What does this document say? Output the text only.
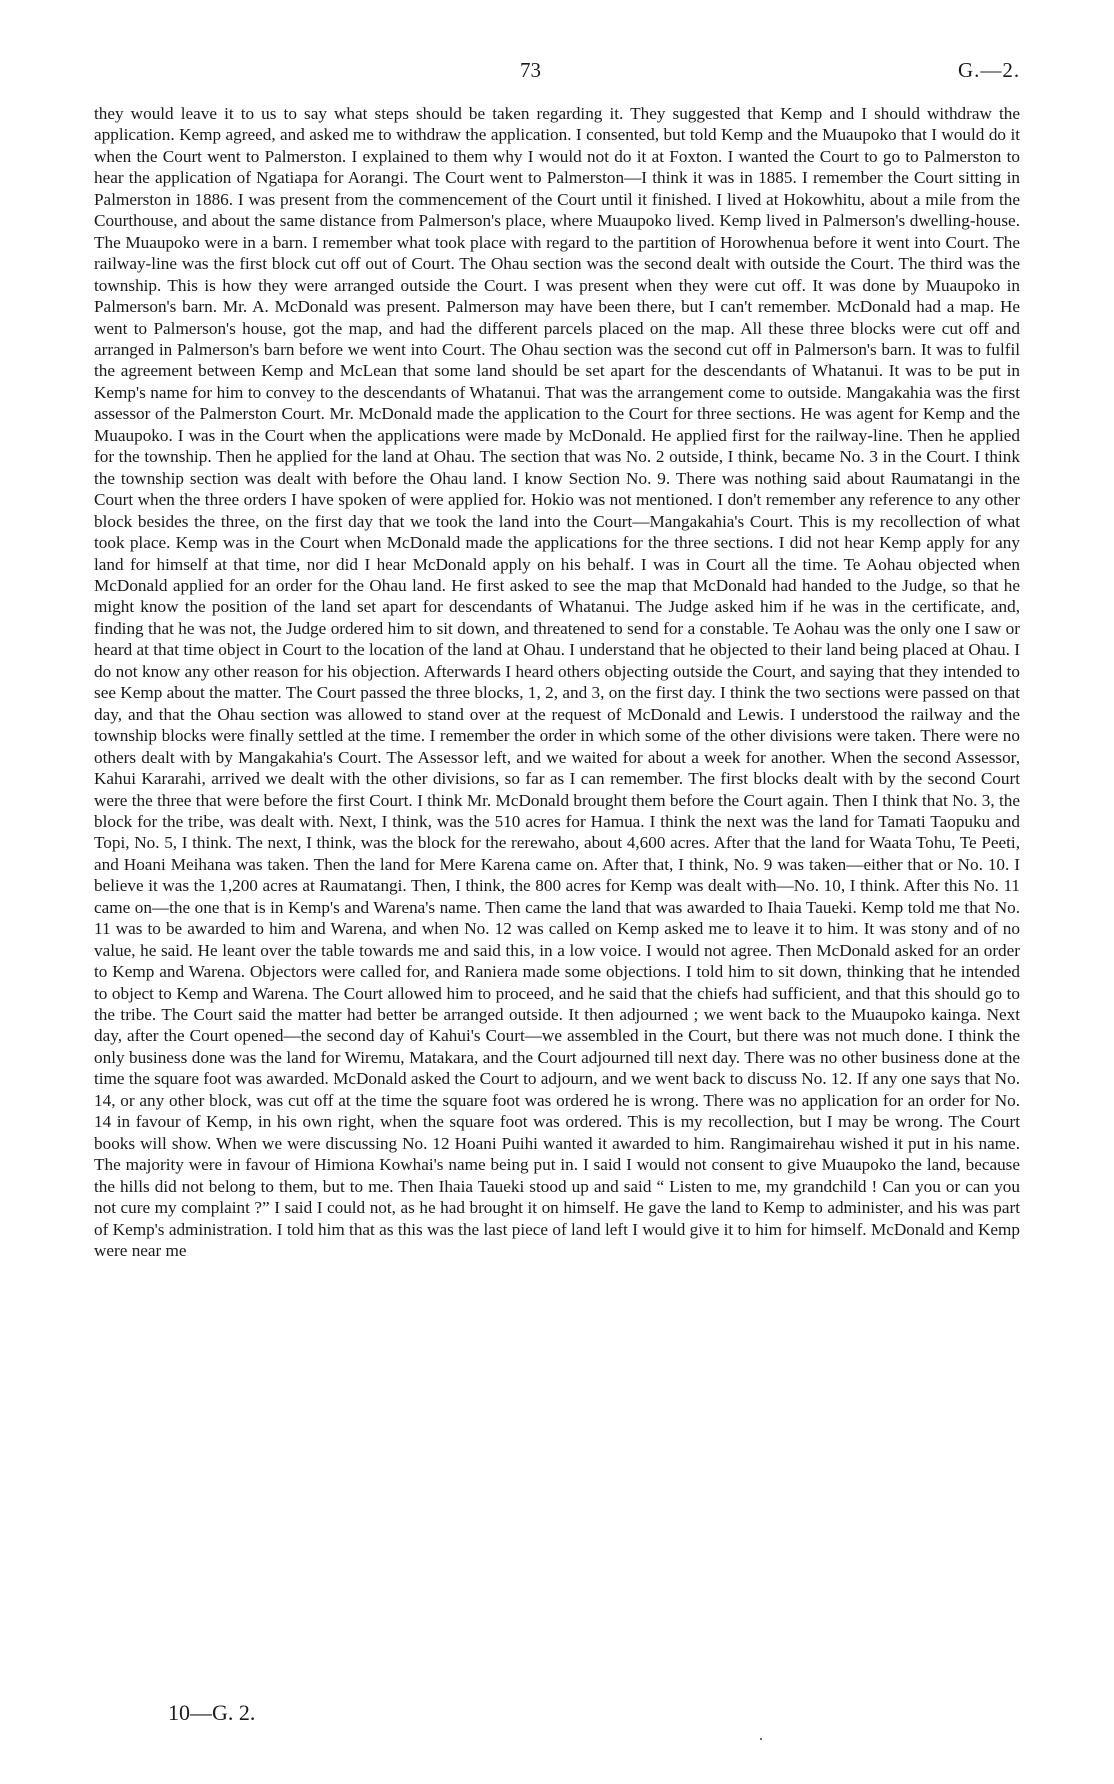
73	G.—2.

they would leave it to us to say what steps should be taken regarding it. They suggested that Kemp and I should withdraw the application. Kemp agreed, and asked me to withdraw the application. I consented, but told Kemp and the Muaupoko that I would do it when the Court went to Palmerston. I explained to them why I would not do it at Foxton. I wanted the Court to go to Palmerston to hear the application of Ngatiapa for Aorangi. The Court went to Palmerston—I think it was in 1885. I remember the Court sitting in Palmerston in 1886. I was present from the commencement of the Court until it finished. I lived at Hokowhitu, about a mile from the Courthouse, and about the same distance from Palmerson's place, where Muaupoko lived. Kemp lived in Palmerson's dwelling-house. The Muaupoko were in a barn. I remember what took place with regard to the partition of Horowhenua before it went into Court. The railway-line was the first block cut off out of Court. The Ohau section was the second dealt with outside the Court. The third was the township. This is how they were arranged outside the Court. I was present when they were cut off. It was done by Muaupoko in Palmerson's barn. Mr. A. McDonald was present. Palmerson may have been there, but I can't remember. McDonald had a map. He went to Palmerson's house, got the map, and had the different parcels placed on the map. All these three blocks were cut off and arranged in Palmerson's barn before we went into Court. The Ohau section was the second cut off in Palmerson's barn. It was to fulfil the agreement between Kemp and McLean that some land should be set apart for the descendants of Whatanui. It was to be put in Kemp's name for him to convey to the descendants of Whatanui. That was the arrangement come to outside. Mangakahia was the first assessor of the Palmerston Court. Mr. McDonald made the application to the Court for three sections. He was agent for Kemp and the Muaupoko. I was in the Court when the applications were made by McDonald. He applied first for the railway-line. Then he applied for the township. Then he applied for the land at Ohau. The section that was No. 2 outside, I think, became No. 3 in the Court. I think the township section was dealt with before the Ohau land. I know Section No. 9. There was nothing said about Raumatangi in the Court when the three orders I have spoken of were applied for. Hokio was not mentioned. I don't remember any reference to any other block besides the three, on the first day that we took the land into the Court—Mangakahia's Court. This is my recollection of what took place. Kemp was in the Court when McDonald made the applications for the three sections. I did not hear Kemp apply for any land for himself at that time, nor did I hear McDonald apply on his behalf. I was in Court all the time. Te Aohau objected when McDonald applied for an order for the Ohau land. He first asked to see the map that McDonald had handed to the Judge, so that he might know the position of the land set apart for descendants of Whatanui. The Judge asked him if he was in the certificate, and, finding that he was not, the Judge ordered him to sit down, and threatened to send for a constable. Te Aohau was the only one I saw or heard at that time object in Court to the location of the land at Ohau. I understand that he objected to their land being placed at Ohau. I do not know any other reason for his objection. Afterwards I heard others objecting outside the Court, and saying that they intended to see Kemp about the matter. The Court passed the three blocks, 1, 2, and 3, on the first day. I think the two sections were passed on that day, and that the Ohau section was allowed to stand over at the request of McDonald and Lewis. I understood the railway and the township blocks were finally settled at the time. I remember the order in which some of the other divisions were taken. There were no others dealt with by Mangakahia's Court. The Assessor left, and we waited for about a week for another. When the second Assessor, Kahui Kararahi, arrived we dealt with the other divisions, so far as I can remember. The first blocks dealt with by the second Court were the three that were before the first Court. I think Mr. McDonald brought them before the Court again. Then I think that No. 3, the block for the tribe, was dealt with. Next, I think, was the 510 acres for Hamua. I think the next was the land for Tamati Taopuku and Topi, No. 5, I think. The next, I think, was the block for the rerewaho, about 4,600 acres. After that the land for Waata Tohu, Te Peeti, and Hoani Meihana was taken. Then the land for Mere Karena came on. After that, I think, No. 9 was taken—either that or No. 10. I believe it was the 1,200 acres at Raumatangi. Then, I think, the 800 acres for Kemp was dealt with—No. 10, I think. After this No. 11 came on—the one that is in Kemp's and Warena's name. Then came the land that was awarded to Ihaia Taueki. Kemp told me that No. 11 was to be awarded to him and Warena, and when No. 12 was called on Kemp asked me to leave it to him. It was stony and of no value, he said. He leant over the table towards me and said this, in a low voice. I would not agree. Then McDonald asked for an order to Kemp and Warena. Objectors were called for, and Raniera made some objections. I told him to sit down, thinking that he intended to object to Kemp and Warena. The Court allowed him to proceed, and he said that the chiefs had sufficient, and that this should go to the tribe. The Court said the matter had better be arranged outside. It then adjourned ; we went back to the Muaupoko kainga. Next day, after the Court opened—the second day of Kahui's Court—we assembled in the Court, but there was not much done. I think the only business done was the land for Wiremu, Matakara, and the Court adjourned till next day. There was no other business done at the time the square foot was awarded. McDonald asked the Court to adjourn, and we went back to discuss No. 12. If any one says that No. 14, or any other block, was cut off at the time the square foot was ordered he is wrong. There was no application for an order for No. 14 in favour of Kemp, in his own right, when the square foot was ordered. This is my recollection, but I may be wrong. The Court books will show. When we were discussing No. 12 Hoani Puihi wanted it awarded to him. Rangimairehau wished it put in his name. The majority were in favour of Himiona Kowhai's name being put in. I said I would not consent to give Muaupoko the land, because the hills did not belong to them, but to me. Then Ihaia Taueki stood up and said “ Listen to me, my grandchild ! Can you or can you not cure my complaint ?” I said I could not, as he had brought it on himself. He gave the land to Kemp to administer, and his was part of Kemp's administration. I told him that as this was the last piece of land left I would give it to him for himself. McDonald and Kemp were near me

10—G. 2.
